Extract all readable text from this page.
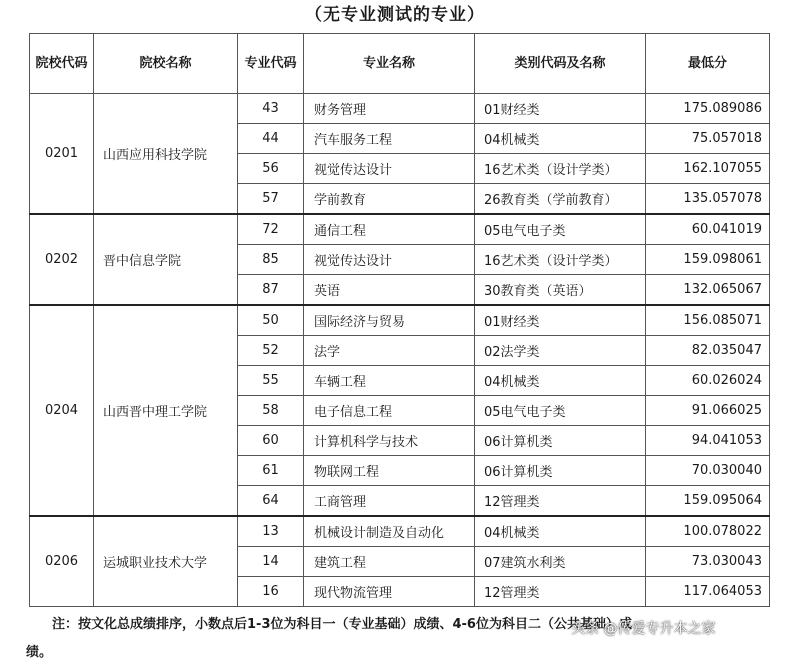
（无专业测试的专业）
院校代码	院校名称	专业代码	专业名称	类别代码及名称	最低分
0201	山西应用科技学院	43	财务管理	01财经类	175.089086
		44	汽车服务工程	04机械类	75.057018
		56	视觉传达设计	16艺术类（设计学类）	162.107055
		57	学前教育	26教育类（学前教育）	135.057078
0202	晋中信息学院	72	通信工程	05电气电子类	60.041019
		85	视觉传达设计	16艺术类（设计学类）	159.098061
		87	英语	30教育类（英语）	132.065067
0204	山西晋中理工学院	50	国际经济与贸易	01财经类	156.085071
		52	法学	02法学类	82.035047
		55	车辆工程	04机械类	60.026024
		58	电子信息工程	05电气电子类	91.066025
		60	计算机科学与技术	06计算机类	94.041053
		61	物联网工程	06计算机类	70.030040
		64	工商管理	12管理类	159.095064
0206	运城职业技术大学	13	机械设计制造及自动化	04机械类	100.078022
		14	建筑工程	07建筑水利类	73.030043
		16	现代物流管理	12管理类	117.064053
注：按文化总成绩排序，小数点后1-3位为科目一（专业基础）成绩、4-6位为科目二（公共基础）成
绩。
头条 @传爱专升本之家
